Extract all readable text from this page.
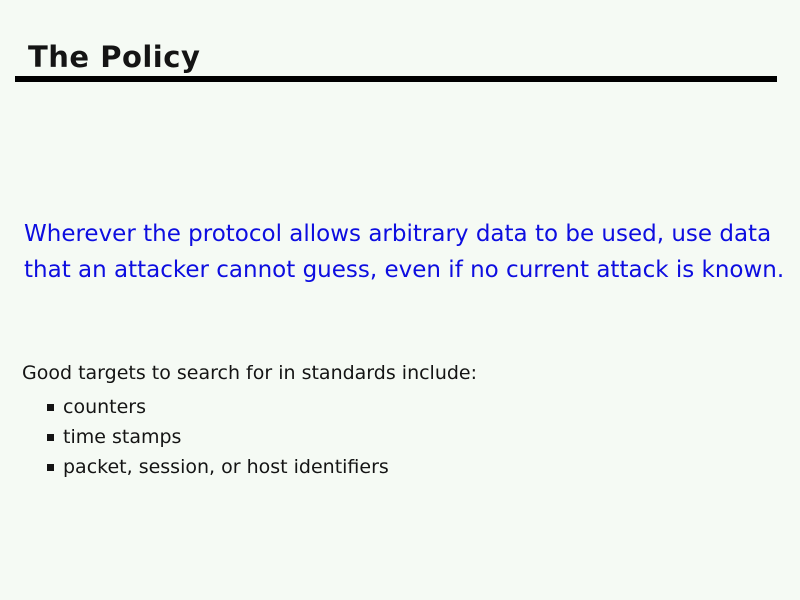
The Policy
Wherever the protocol allows arbitrary data to be used, use data
that an attacker cannot guess, even if no current attack is known.
Good targets to search for in standards include:
counters
time stamps
packet, session, or host identifiers
